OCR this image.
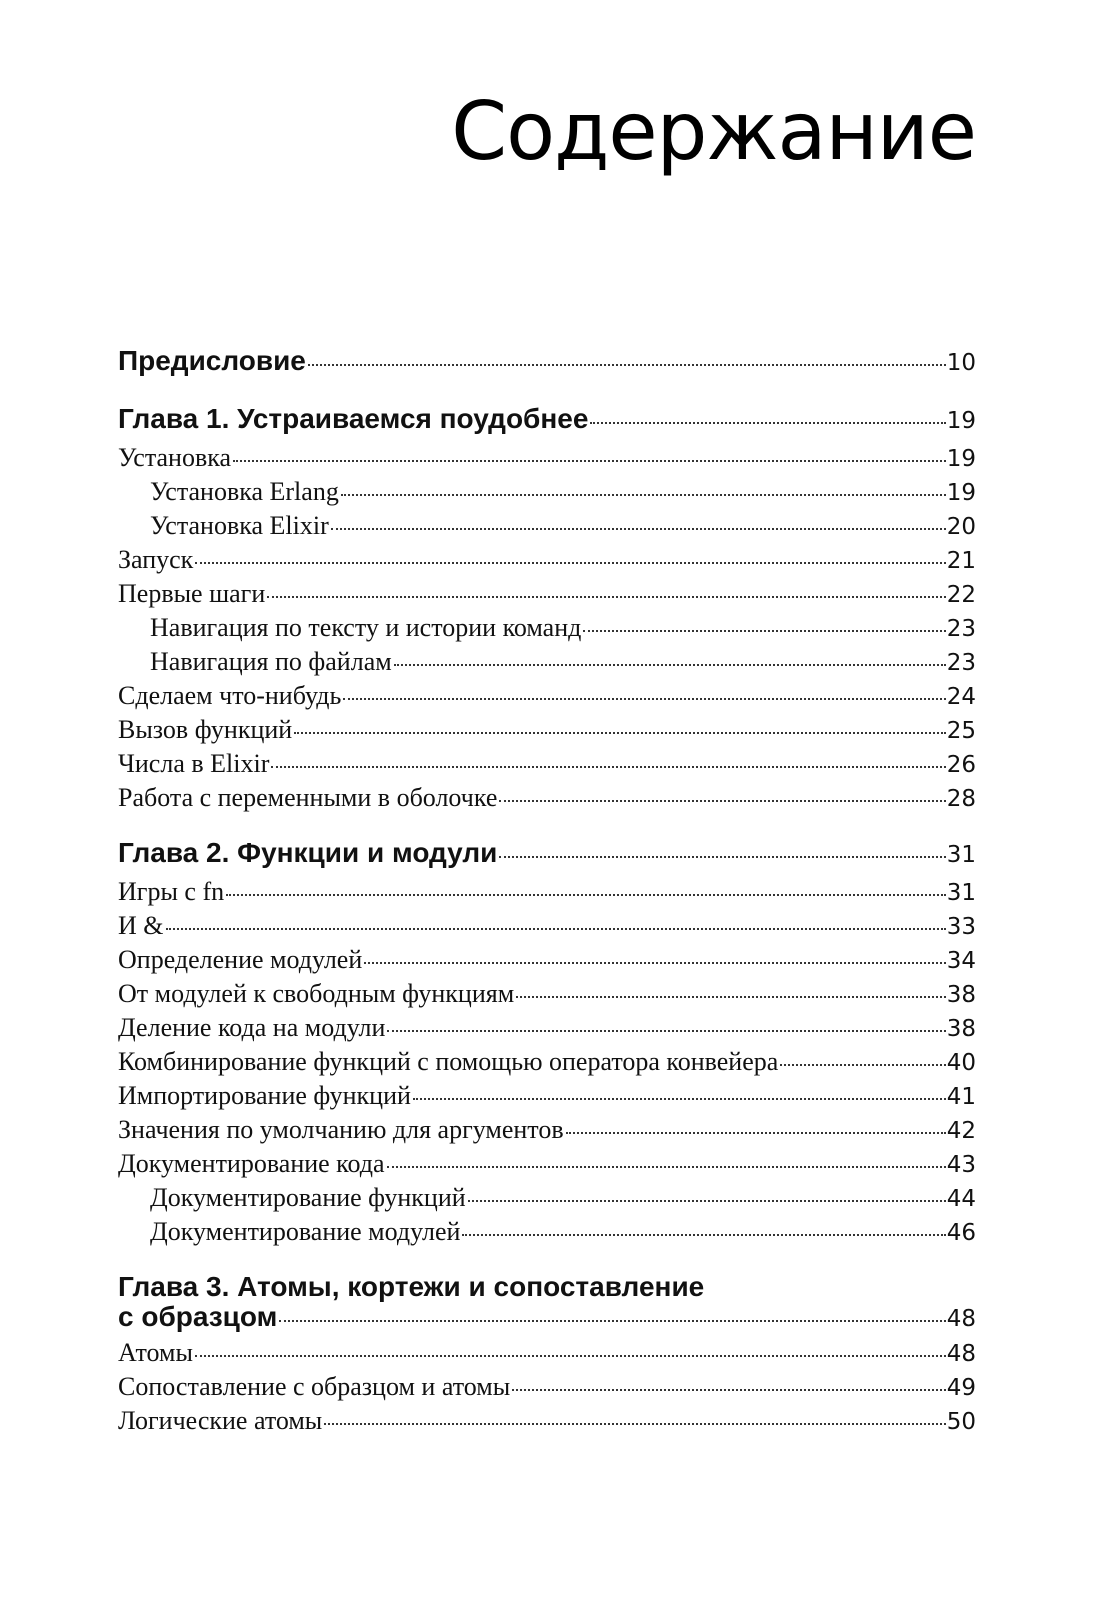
Содержание
Предисловие	10
Глава 1. Устраиваемся поудобнее	19
Установка	19
Установка Erlang	19
Установка Elixir	20
Запуск	21
Первые шаги	22
Навигация по тексту и истории команд	23
Навигация по файлам	23
Сделаем что-нибудь	24
Вызов функций	25
Числа в Elixir	26
Работа с переменными в оболочке	28
Глава 2. Функции и модули	31
Игры с fn	31
И &	33
Определение модулей	34
От модулей к свободным функциям	38
Деление кода на модули	38
Комбинирование функций с помощью оператора конвейера	40
Импортирование функций	41
Значения по умолчанию для аргументов	42
Документирование кода	43
Документирование функций	44
Документирование модулей	46
Глава 3. Атомы, кортежи и сопоставление
с образцом	48
Атомы	48
Сопоставление с образцом и атомы	49
Логические атомы	50
